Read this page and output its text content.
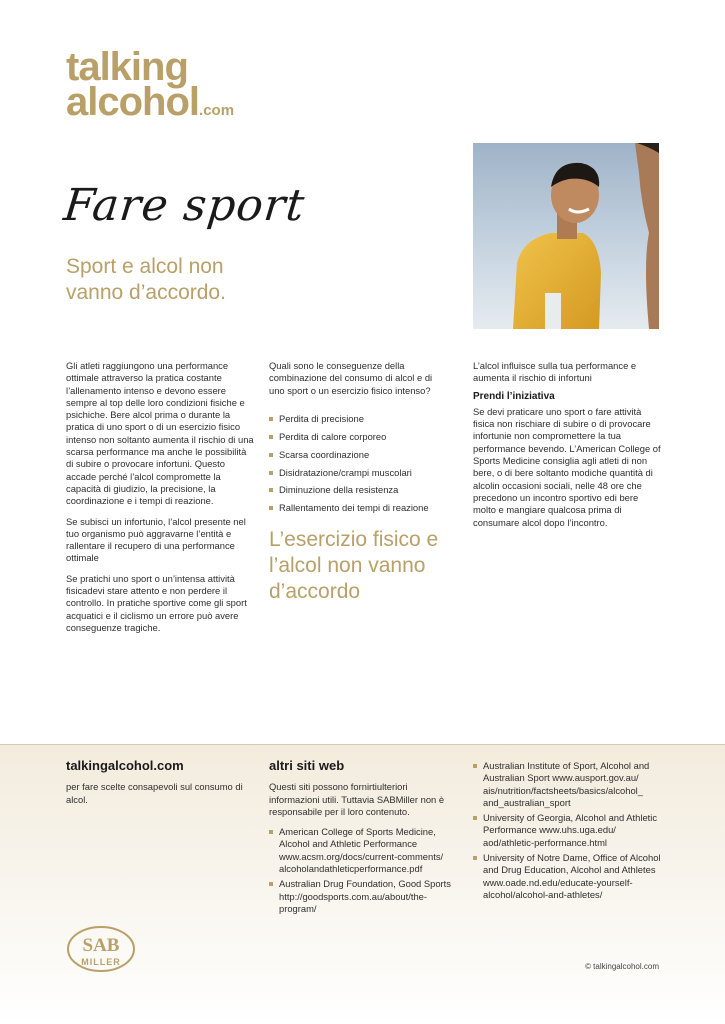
talking
alcohol.com
Fare sport
Sport e alcol non vanno d’accordo.

Gli atleti raggiungono una performance ottimale attraverso la pratica costante l’allenamento intenso e devono essere sempre al top delle loro condizioni fisiche e psichiche. Bere alcol prima o durante la pratica di uno sport o di un esercizio fisico intenso non soltanto aumenta il rischio di una scarsa performance ma anche le possibilità di subire o provocare infortuni. Questo accade perché l’alcol compromette la capacità di giudizio, la precisione, la coordinazione e i tempi di reazione.

Se subisci un infortunio, l’alcol presente nel tuo organismo può aggravarne l’entità e rallentare il recupero di una performance ottimale

Se pratichi uno sport o un’intensa attività fisicadevi stare attento e non perdere il controllo. In pratiche sportive come gli sport acquatici e il ciclismo un errore può avere conseguenze tragiche.

Quali sono le conseguenze della combinazione del consumo di alcol e di uno sport o un esercizio fisico intenso?

Perdita di precisione
Perdita di calore corporeo
Scarsa coordinazione
Disidratazione/crampi muscolari
Diminuzione della resistenza
Rallentamento dei tempi di reazione
L’esercizio fisico e l’alcol non vanno d’accordo

L’alcol influisce sulla tua performance e aumenta il rischio di infortuni

Prendi l’iniziativa

Se devi praticare uno sport o fare attività fisica non rischiare di subire o di provocare infortunie non compromettere la tua performance bevendo. L’American College of Sports Medicine consiglia agli atleti di non bere, o di bere soltanto modiche quantità di alcolin occasioni sociali, nelle 48 ore che precedono un incontro sportivo edi bere molto e mangiare qualcosa prima di consumare alcol dopo l’incontro.

talkingalcohol.com

per fare scelte consapevoli sul consumo di alcol.

altri siti web

Questi siti possono fornirtiulteriori informazioni utili. Tuttavia SABMiller non è responsabile per il loro contenuto.

American College of Sports Medicine, Alcohol and Athletic Performance www.acsm.org/docs/current-comments/ alcoholandathleticperformance.pdf
Australian Drug Foundation, Good Sports http://goodsports.com.au/about/the-program/
Australian Institute of Sport, Alcohol and Australian Sport www.ausport.gov.au/ ais/nutrition/factsheets/basics/alcohol_ and_australian_sport
University of Georgia, Alcohol and Athletic Performance www.uhs.uga.edu/ aod/athletic-performance.html
University of Notre Dame, Office of Alcohol and Drug Education, Alcohol and Athletes www.oade.nd.edu/educate-yourself-alcohol/alcohol-and-athletes/
SAB
MILLER	© talkingalcohol.com
